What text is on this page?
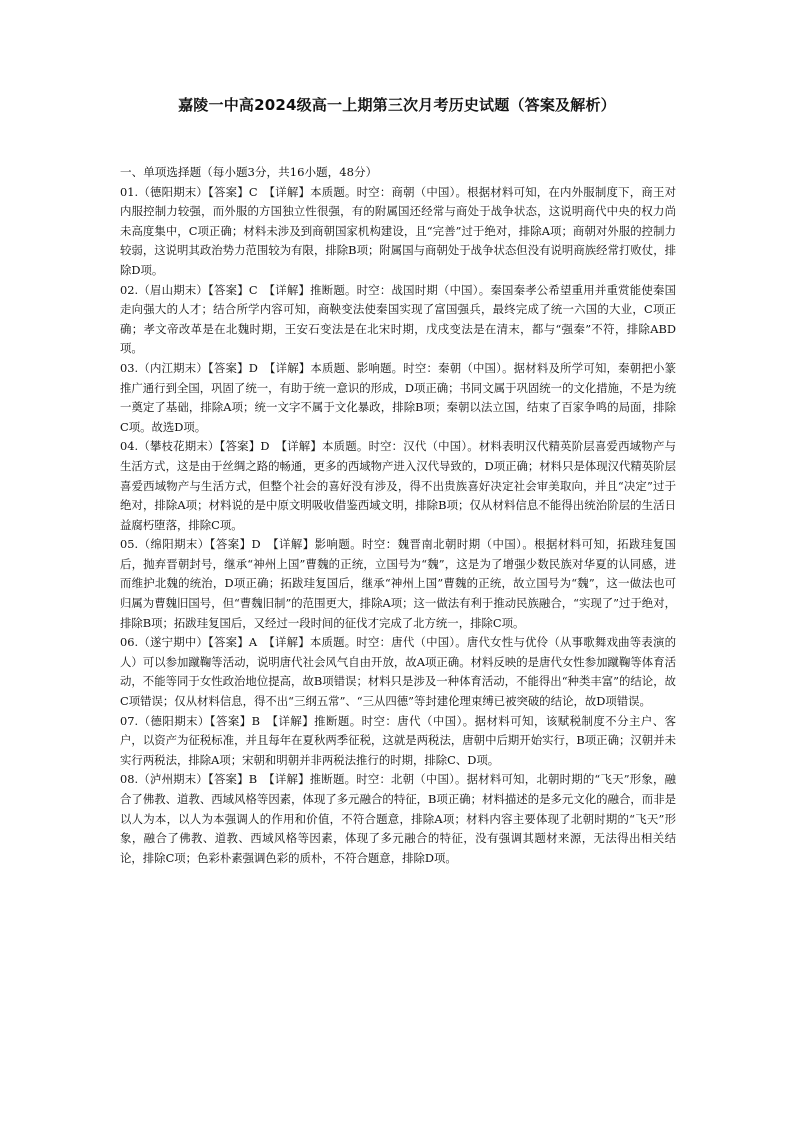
嘉陵一中高2024级高一上期第三次月考历史试题（答案及解析）

一、单项选择题（每小题3分，共16小题，48分）

01.（德阳期末）【答案】C　【详解】本质题。时空：商朝（中国）。根据材料可知，在内外服制度下，商王对内服控制力较强，而外服的方国独立性很强，有的附属国还经常与商处于战争状态，这说明商代中央的权力尚未高度集中，C项正确；材料未涉及到商朝国家机构建设，且“完善”过于绝对，排除A项；商朝对外服的控制力较弱，这说明其政治势力范围较为有限，排除B项；附属国与商朝处于战争状态但没有说明商族经常打败仗，排除D项。

02.（眉山期末）【答案】C　【详解】推断题。时空：战国时期（中国）。秦国秦孝公希望重用并重赏能使秦国走向强大的人才；结合所学内容可知，商鞅变法使秦国实现了富国强兵，最终完成了统一六国的大业，C项正确；孝文帝改革是在北魏时期，王安石变法是在北宋时期，戊戌变法是在清末，都与“强秦”不符，排除ABD项。

03.（内江期末）【答案】D　【详解】本质题、影响题。时空：秦朝（中国）。据材料及所学可知，秦朝把小篆推广通行到全国，巩固了统一，有助于统一意识的形成，D项正确；书同文属于巩固统一的文化措施，不是为统一奠定了基础，排除A项；统一文字不属于文化暴政，排除B项；秦朝以法立国，结束了百家争鸣的局面，排除C项。故选D项。

04.（攀枝花期末）【答案】D　【详解】本质题。时空：汉代（中国）。材料表明汉代精英阶层喜爱西域物产与生活方式，这是由于丝绸之路的畅通，更多的西域物产进入汉代导致的，D项正确；材料只是体现汉代精英阶层喜爱西域物产与生活方式，但整个社会的喜好没有涉及，得不出贵族喜好决定社会审美取向，并且“决定”过于绝对，排除A项；材料说的是中原文明吸收借鉴西域文明，排除B项；仅从材料信息不能得出统治阶层的生活日益腐朽堕落，排除C项。

05.（绵阳期末）【答案】D　【详解】影响题。时空：魏晋南北朝时期（中国）。根据材料可知，拓跋珪复国后，抛弃晋朝封号，继承“神州上国”曹魏的正统，立国号为“魏”，这是为了增强少数民族对华夏的认同感，进而维护北魏的统治，D项正确；拓跋珪复国后，继承“神州上国”曹魏的正统，故立国号为“魏”，这一做法也可归属为曹魏旧国号，但“曹魏旧制”的范围更大，排除A项；这一做法有利于推动民族融合，“实现了”过于绝对，排除B项；拓跋珪复国后，又经过一段时间的征伐才完成了北方统一，排除C项。

06.（遂宁期中）【答案】A　【详解】本质题。时空：唐代（中国）。唐代女性与优伶（从事歌舞戏曲等表演的人）可以参加蹴鞠等活动，说明唐代社会风气自由开放，故A项正确。材料反映的是唐代女性参加蹴鞠等体育活动，不能等同于女性政治地位提高，故B项错误；材料只是涉及一种体育活动，不能得出“种类丰富”的结论，故C项错误；仅从材料信息，得不出“三纲五常”、“三从四德”等封建伦理束缚已被突破的结论，故D项错误。

07.（德阳期末）【答案】B　【详解】推断题。时空：唐代（中国）。据材料可知，该赋税制度不分主户、客户，以资产为征税标准，并且每年在夏秋两季征税，这就是两税法，唐朝中后期开始实行，B项正确；汉朝并未实行两税法，排除A项；宋朝和明朝并非两税法推行的时期，排除C、D项。

08.（泸州期末）【答案】B　【详解】推断题。时空：北朝（中国）。据材料可知，北朝时期的“飞天”形象，融合了佛教、道教、西域风格等因素，体现了多元融合的特征，B项正确；材料描述的是多元文化的融合，而非是以人为本，以人为本强调人的作用和价值，不符合题意，排除A项；材料内容主要体现了北朝时期的“飞天”形象，融合了佛教、道教、西域风格等因素，体现了多元融合的特征，没有强调其题材来源，无法得出相关结论，排除C项；色彩朴素强调色彩的质朴，不符合题意，排除D项。
